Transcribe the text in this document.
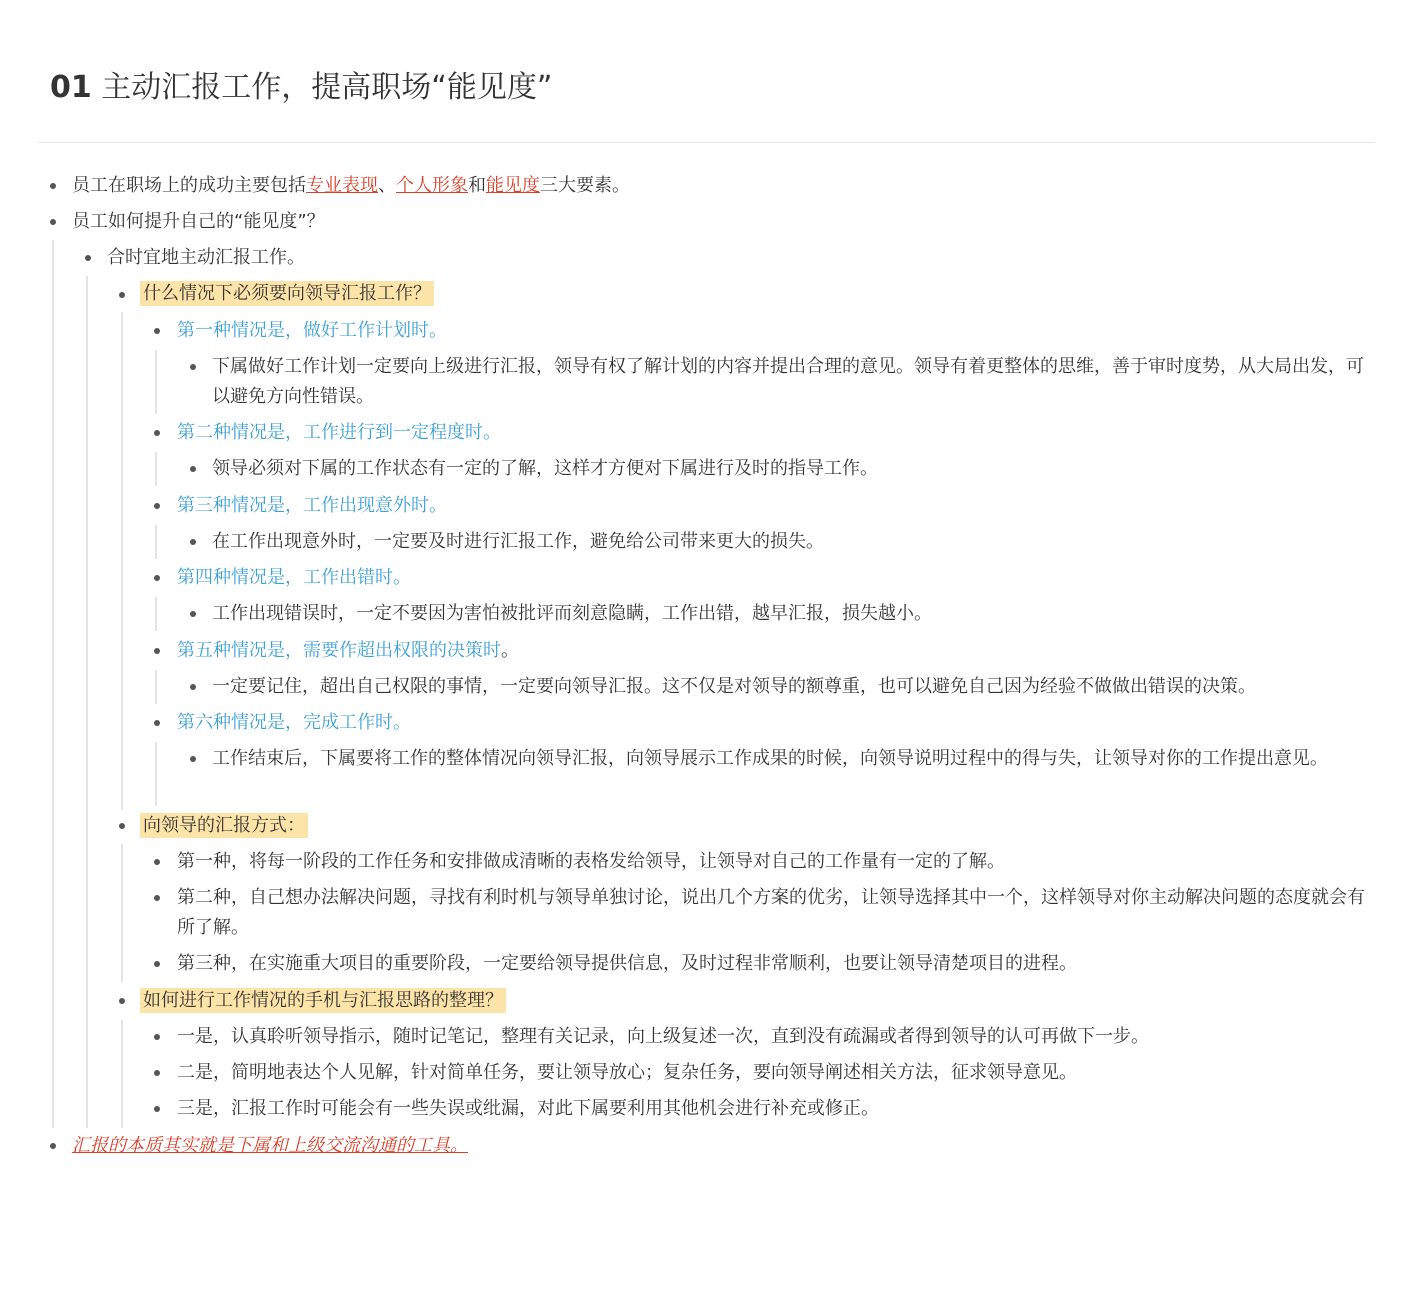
01 主动汇报工作，提高职场“能见度”
员工在职场上的成功主要包括专业表现、个人形象和能见度三大要素。
员工如何提升自己的“能见度”？
合时宜地主动汇报工作。
什么情况下必须要向领导汇报工作？
第一种情况是，做好工作计划时。
下属做好工作计划一定要向上级进行汇报，领导有权了解计划的内容并提出合理的意见。领导有着更整体的思维，善于审时度势，从大局出发，可以避免方向性错误。
第二种情况是，工作进行到一定程度时。
领导必须对下属的工作状态有一定的了解，这样才方便对下属进行及时的指导工作。
第三种情况是，工作出现意外时。
在工作出现意外时，一定要及时进行汇报工作，避免给公司带来更大的损失。
第四种情况是，工作出错时。
工作出现错误时，一定不要因为害怕被批评而刻意隐瞒，工作出错，越早汇报，损失越小。
第五种情况是，需要作超出权限的决策时。
一定要记住，超出自己权限的事情，一定要向领导汇报。这不仅是对领导的额尊重，也可以避免自己因为经验不做做出错误的决策。
第六种情况是，完成工作时。
工作结束后，下属要将工作的整体情况向领导汇报，向领导展示工作成果的时候，向领导说明过程中的得与失，让领导对你的工作提出意见。
向领导的汇报方式：
第一种，将每一阶段的工作任务和安排做成清晰的表格发给领导，让领导对自己的工作量有一定的了解。
第二种，自己想办法解决问题，寻找有利时机与领导单独讨论，说出几个方案的优劣，让领导选择其中一个，这样领导对你主动解决问题的态度就会有所了解。
第三种，在实施重大项目的重要阶段，一定要给领导提供信息，及时过程非常顺利，也要让领导清楚项目的进程。
如何进行工作情况的手机与汇报思路的整理？
一是，认真聆听领导指示，随时记笔记，整理有关记录，向上级复述一次，直到没有疏漏或者得到领导的认可再做下一步。
二是，简明地表达个人见解，针对简单任务，要让领导放心；复杂任务，要向领导阐述相关方法，征求领导意见。
三是，汇报工作时可能会有一些失误或纰漏，对此下属要利用其他机会进行补充或修正。
汇报的本质其实就是下属和上级交流沟通的工具。
